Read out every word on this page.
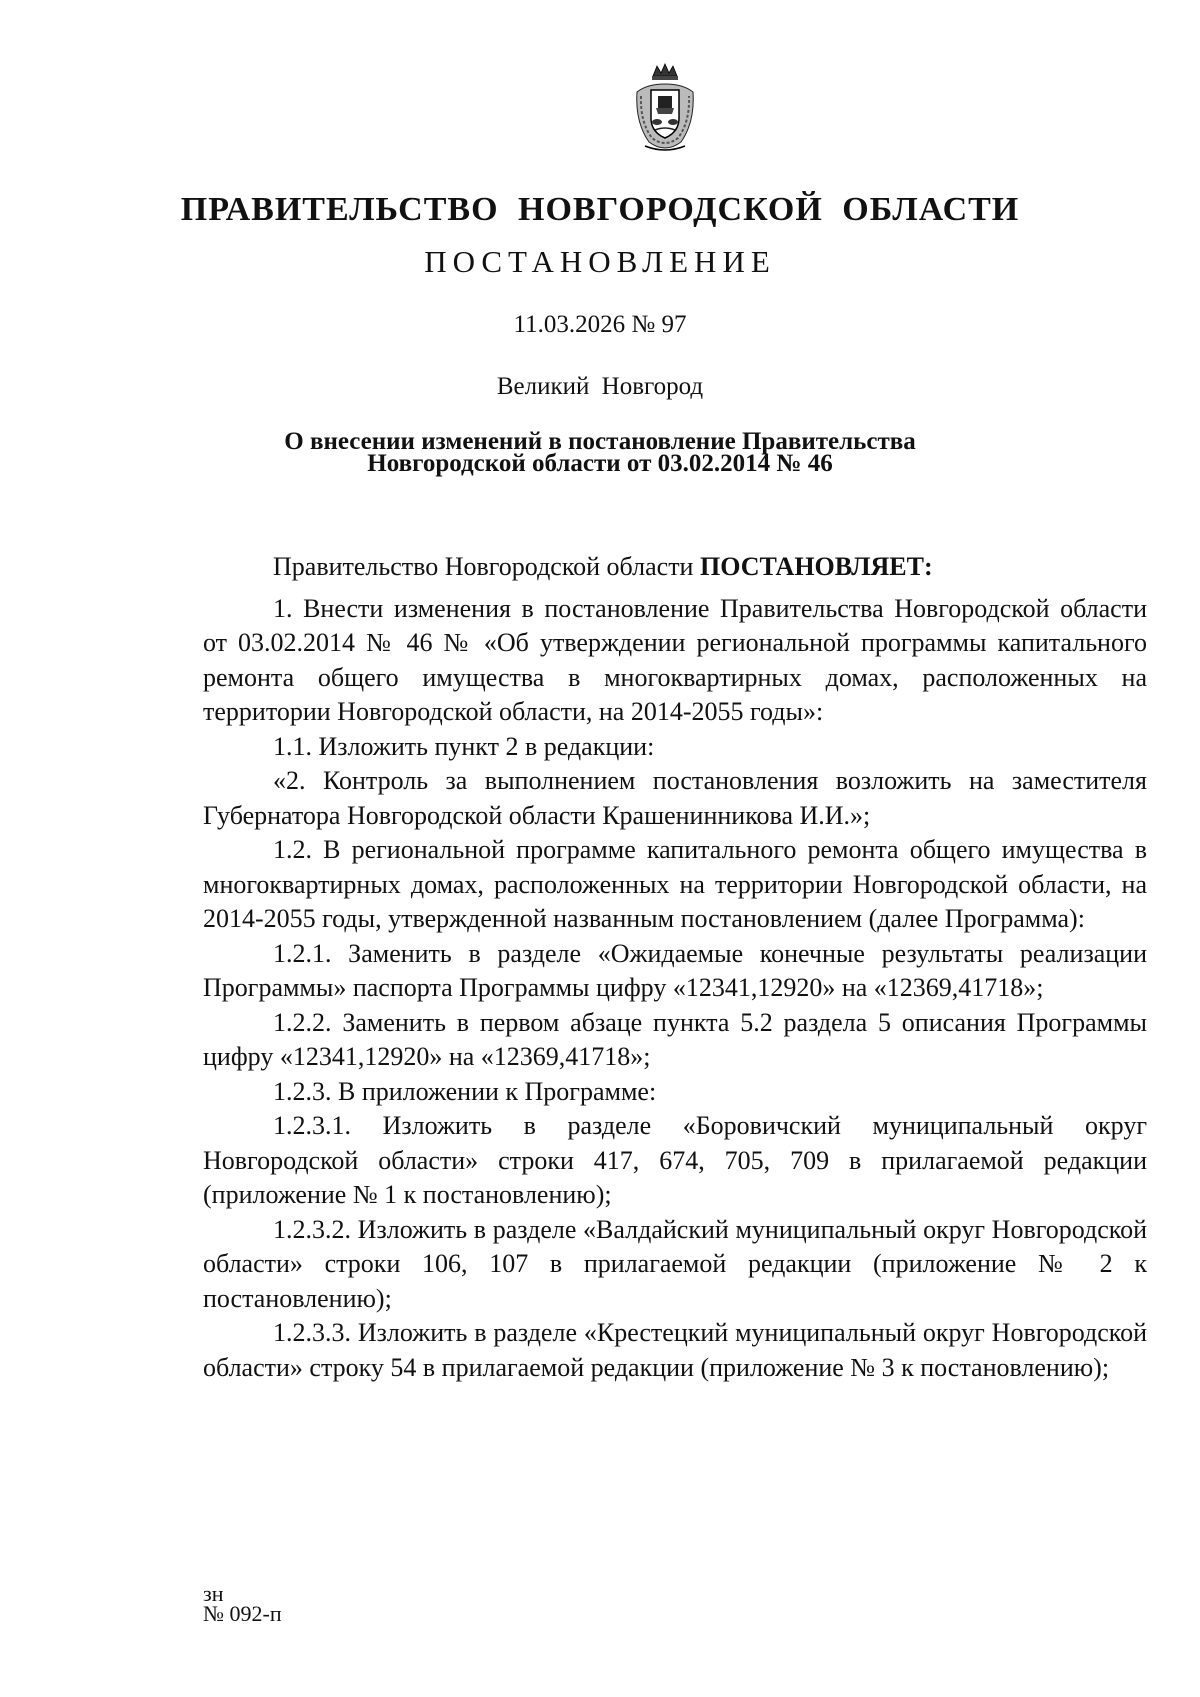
ПРАВИТЕЛЬСТВО НОВГОРОДСКОЙ ОБЛАСТИ
ПОСТАНОВЛЕНИЕ
11.03.2026 № 97
Великий Новгород
О внесении изменений в постановление Правительства
Новгородской области от 03.02.2014 № 46

Правительство Новгородской области ПОСТАНОВЛЯЕТ:

1. Внести изменения в постановление Правительства Новгородской области от 03.02.2014 № 46 № «Об утверждении региональной программы капитального ремонта общего имущества в многоквартирных домах, расположенных на территории Новгородской области, на 2014-2055 годы»:

1.1. Изложить пункт 2 в редакции:

«2. Контроль за выполнением постановления возложить на заместителя Губернатора Новгородской области Крашенинникова И.И.»;

1.2. В региональной программе капитального ремонта общего имущества в многоквартирных домах, расположенных на территории Новгородской области, на 2014-2055 годы, утвержденной названным постановлением (далее Программа):

1.2.1. Заменить в разделе «Ожидаемые конечные результаты реализации Программы» паспорта Программы цифру «12341,12920» на «12369,41718»;

1.2.2. Заменить в первом абзаце пункта 5.2 раздела 5 описания Программы цифру «12341,12920» на «12369,41718»;

1.2.3. В приложении к Программе:

1.2.3.1. Изложить в разделе «Боровичский муниципальный округ Новгородской области» строки 417, 674, 705, 709 в прилагаемой редакции (приложение № 1 к постановлению);

1.2.3.2. Изложить в разделе «Валдайский муниципальный округ Новгородской области» строки 106, 107 в прилагаемой редакции (приложение № 2 к постановлению);

1.2.3.3. Изложить в разделе «Крестецкий муниципальный округ Новгородской области» строку 54 в прилагаемой редакции (приложение № 3 к постановлению);

зн
№ 092-п
